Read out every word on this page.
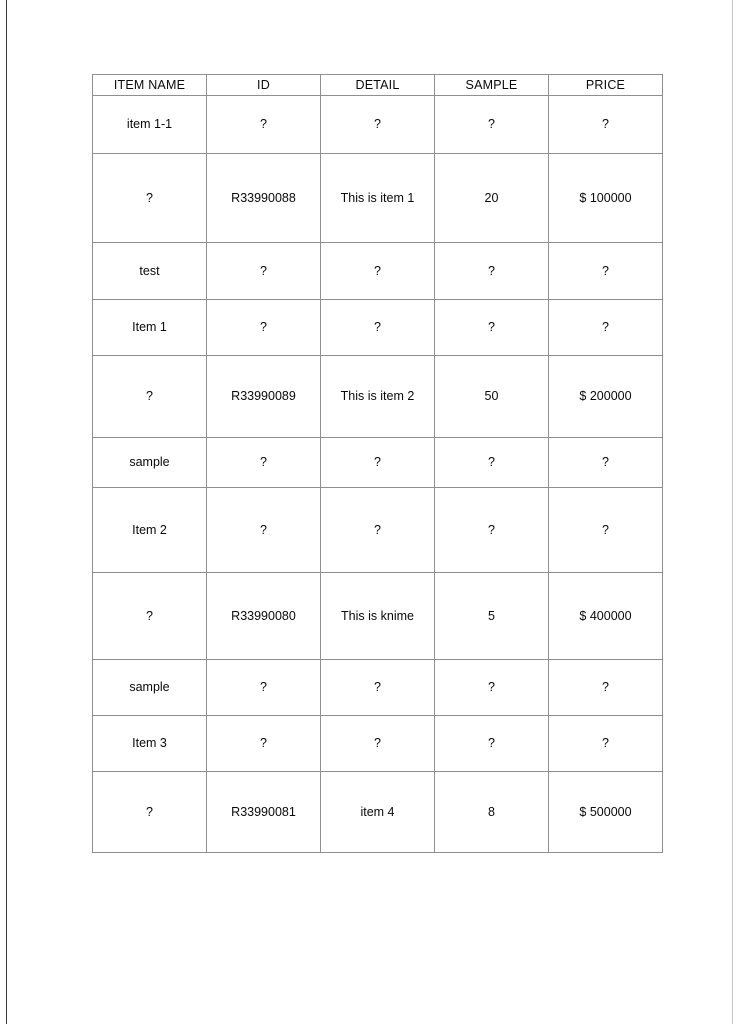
ITEM NAME	ID	DETAIL	SAMPLE	PRICE

item 1-1	?	?	?	?

?	R33990088	This is item 1	20	$ 100000

test	?	?	?	?

Item 1	?	?	?	?

?	R33990089	This is item 2	50	$ 200000

sample	?	?	?	?

Item 2	?	?	?	?

?	R33990080	This is knime	5	$ 400000

sample	?	?	?	?

Item 3	?	?	?	?

?	R33990081	item 4	8	$ 500000
